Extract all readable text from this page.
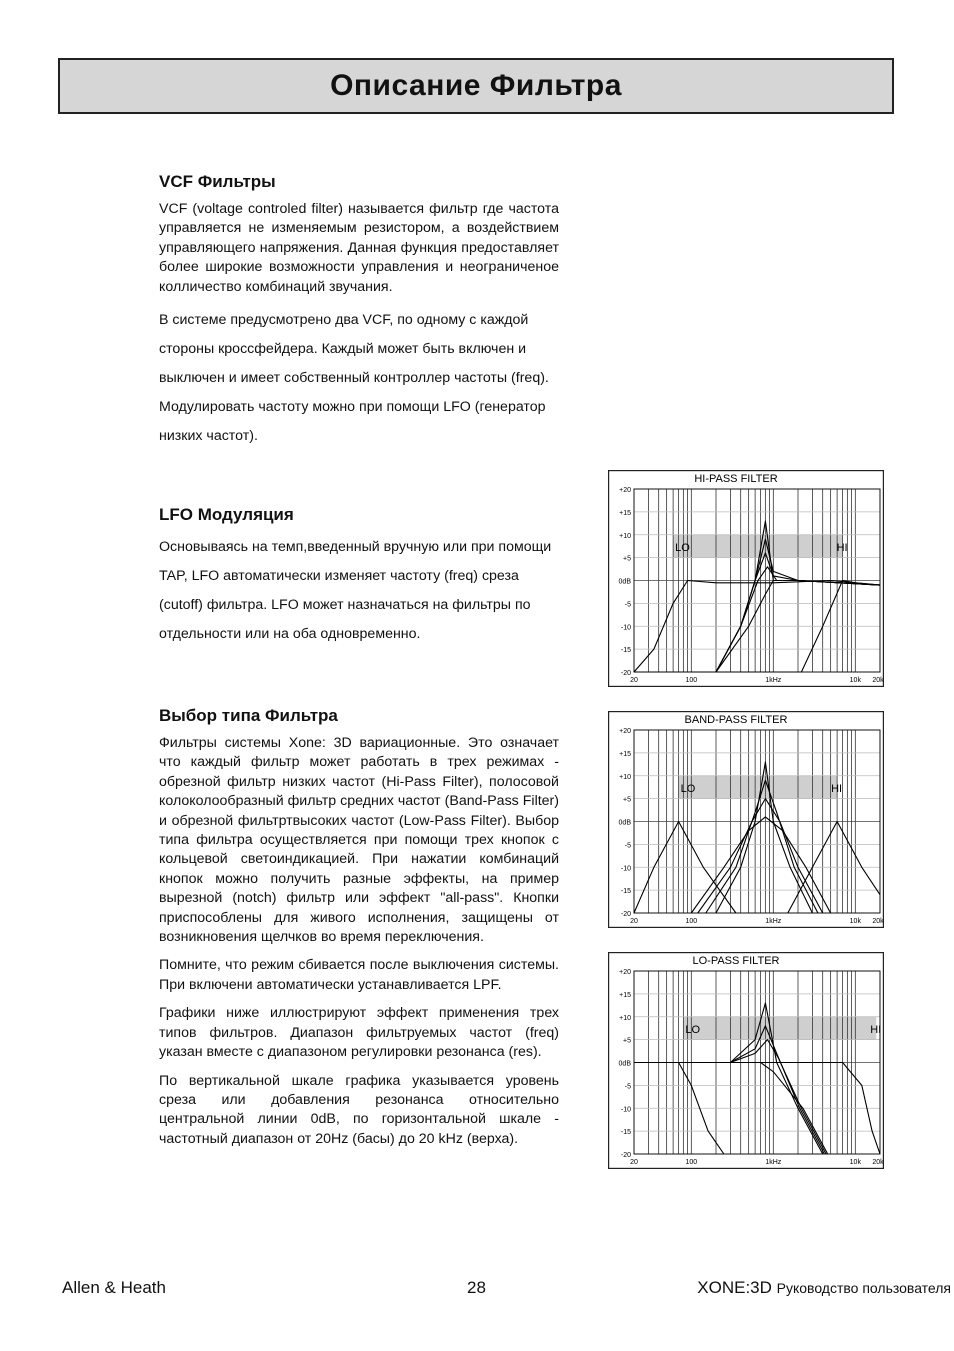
Описание Фильтра
VCF Фильтры

VCF (voltage controled filter) называется фильтр где частота управляется не изменяемым резистором, а воздействием управляющего напряжения. Данная функция предоставляет более широкие возможности управления и неограниченое колличество комбинаций звучания.

В системе предусмотрено два VCF, по одному с каждой стороны кроссфейдера. Каждый может быть включен и выключен и имеет собственный контроллер частоты (freq). Модулировать частоту можно при помощи LFO (генератор низких частот).

LFO Модуляция

Основываясь на темп,введенный вручную или при помощи TAP, LFO автоматически изменяет частоту (freq) среза (cutoff) фильтра. LFO может назначаться на фильтры по отдельности или на оба одновременно.

Выбор типа Фильтра

Фильтры системы Xone: 3D вариационные. Это означает что каждый фильтр может работать в трех режимах - обрезной фильтр низких частот (Hi-Pass Filter), полосовой колоколообразный фильтр средних частот (Band-Pass Filter) и обрезной фильтртвысоких частот (Low-Pass Filter). Выбор типа фильтра осуществляется при помощи трех кнопок с кольцевой светоиндикацией. При нажатии комбинаций кнопок можно получить разные эффекты, на пример вырезной (notch) фильтр или эффект "all-pass". Кнопки приспособлены для живого исполнения, защищены от возникновения щелчков во время переключения.

Помните, что режим сбивается после выключения системы. При включени автоматически устанавливается LPF.

Графики ниже иллюстрируют эффект применения трех типов фильтров. Диапазон фильтруемых частот (freq) указан вместе с диапазоном регулировки резонанса (res).

По вертикальной шкале графика указывается уровень среза или добавления резонанса относительно центральной линии 0dB, по горизонтальной шкале - частотный диапазон от 20Hz (басы) до 20 kHz (верха).

HI-PASS FILTER
+20
+15
+10
+5
0dB
-5
-10
-15
-20
20	100	1kHz	10k 20k
LO	HI
BAND-PASS FILTER
+20
+15
+10
+5
0dB
-5
-10
-15
-20
20	100	1kHz	10k 20k
LO	HI
LO-PASS FILTER
+20
+15
+10
+5
0dB
-5
-10
-15
-20
20	100	1kHz	10k 20k
LO	HI
Allen & Heath	28	XONE:3D Руководство пользователя
